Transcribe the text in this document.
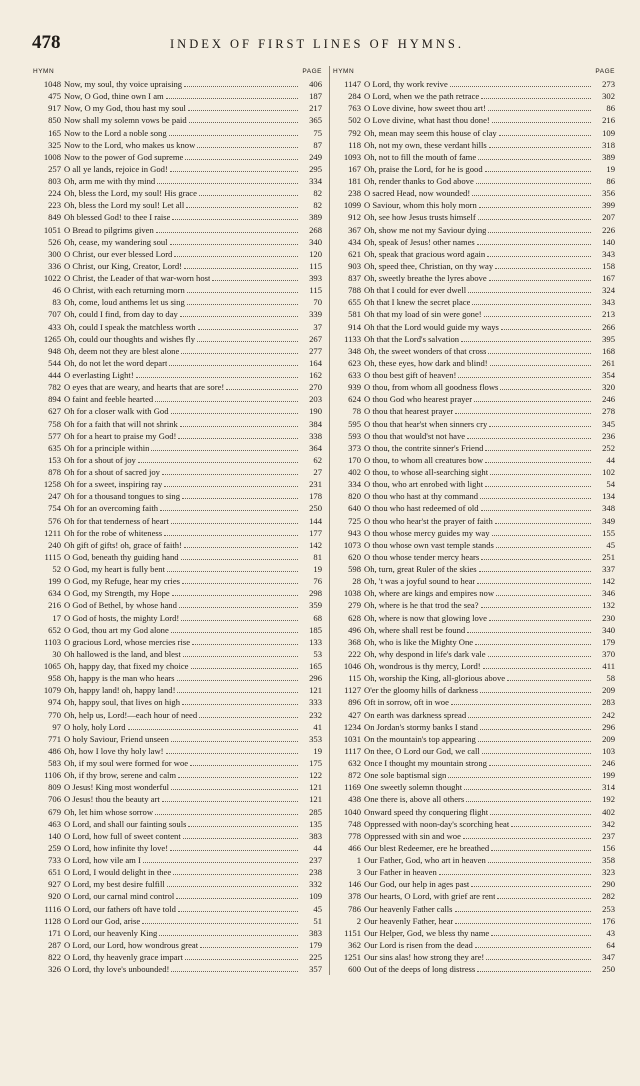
478	INDEX OF FIRST LINES OF HYMNS.
HYMN	PAGE
1048 Now, my soul, thy voice upraising	406
475 Now, O God, thine own I am	187
917 Now, O my God, thou hast my soul	217
850 Now shall my solemn vows be paid	365
165 Now to the Lord a noble song	75
325 Now to the Lord, who makes us know	87
1008 Now to the power of God supreme	249
257 O all ye lands, rejoice in God!	295
803 Oh, arm me with thy mind	334
224 Oh, bless the Lord, my soul! His grace	82
223 Oh, bless the Lord my soul! Let all	82
849 Oh blessed God! to thee I raise	389
1051 O Bread to pilgrims given	268
526 Oh, cease, my wandering soul	340
300 O Christ, our ever blessed Lord	120
336 O Christ, our King, Creator, Lord!	115
1022 O Christ, the Leader of that war-worn host	393
46 O Christ, with each returning morn	115
83 Oh, come, loud anthems let us sing	70
707 Oh, could I find, from day to day	339
433 Oh, could I speak the matchless worth	37
1265 Oh, could our thoughts and wishes fly	267
948 Oh, deem not they are blest alone	277
544 Oh, do not let the word depart	164
444 O everlasting Light!	162
782 O eyes that are weary, and hearts that are sore!	270
894 O faint and feeble hearted	203
627 Oh for a closer walk with God	190
758 Oh for a faith that will not shrink	384
577 Oh for a heart to praise my God!	338
635 Oh for a principle within	364
153 Oh for a shout of joy	62
878 Oh for a shout of sacred joy	27
1258 Oh for a sweet, inspiring ray	231
247 Oh for a thousand tongues to sing	178
754 Oh for an overcoming faith	250
576 Oh for that tenderness of heart	144
1211 Oh for the robe of whiteness	177
240 Oh gift of gifts! oh, grace of faith!	142
1115 O God, beneath thy guiding hand	81
52 O God, my heart is fully bent	19
199 O God, my Refuge, hear my cries	76
634 O God, my Strength, my Hope	298
216 O God of Bethel, by whose hand	359
17 O God of hosts, the mighty Lord!	68
652 O God, thou art my God alone	185
1103 O gracious Lord, whose mercies rise	133
30 Oh hallowed is the land, and blest	53
1065 Oh, happy day, that fixed my choice	165
958 Oh, happy is the man who hears	296
1079 Oh, happy land! oh, happy land!	121
974 Oh, happy soul, that lives on high	333
770 Oh, help us, Lord!—each hour of need	232
97 O holy, holy Lord	41
771 O holy Saviour, Friend unseen	353
486 Oh, how I love thy holy law!	19
583 Oh, if my soul were formed for woe	175
1106 Oh, if thy brow, serene and calm	122
809 O Jesus! King most wonderful	121
706 O Jesus! thou the beauty art	121
679 Oh, let him whose sorrow	285
463 O Lord, and shall our fainting souls	135
140 O Lord, how full of sweet content	383
259 O Lord, how infinite thy love!	44
733 O Lord, how vile am I	237
651 O Lord, I would delight in thee	238
927 O Lord, my best desire fulfill	332
920 O Lord, our carnal mind control	109
1116 O Lord, our fathers oft have told	45
1128 O Lord our God, arise	51
171 O Lord, our heavenly King	383
287 O Lord, our Lord, how wondrous great	179
822 O Lord, thy heavenly grace impart	225
326 O Lord, thy love's unbounded!	357
HYMN	PAGE
1147 O Lord, thy work revive	273
284 O Lord, when we the path retrace	302
763 O Love divine, how sweet thou art!	86
502 O Love divine, what hast thou done!	216
792 Oh, mean may seem this house of clay	109
118 Oh, not my own, these verdant hills	318
1093 Oh, not to fill the mouth of fame	389
167 Oh, praise the Lord, for he is good	19
181 Oh, render thanks to God above	86
238 O sacred Head, now wounded!	356
1099 O Saviour, whom this holy morn	399
912 Oh, see how Jesus trusts himself	207
367 Oh, show me not my Saviour dying	226
434 Oh, speak of Jesus! other names	140
621 Oh, speak that gracious word again	343
903 Oh, speed thee, Christian, on thy way	158
837 Oh, sweetly breathe the lyres above	167
788 Oh that I could for ever dwell	324
655 Oh that I knew the secret place	343
581 Oh that my load of sin were gone!	213
914 Oh that the Lord would guide my ways	266
1133 Oh that the Lord's salvation	395
348 Oh, the sweet wonders of that cross	168
623 Oh, these eyes, how dark and blind!	261
633 O thou best gift of heaven!	354
939 O thou, from whom all goodness flows	320
624 O thou God who hearest prayer	246
78 O thou that hearest prayer	278
595 O thou that hear'st when sinners cry	345
593 O thou that would'st not have	236
373 O thou, the contrite sinner's Friend	252
170 O thou, to whom all creatures bow	44
402 O thou, to whose all-searching sight	102
334 O thou, who art enrobed with light	54
820 O thou who hast at thy command	134
640 O thou who hast redeemed of old	348
725 O thou who hear'st the prayer of faith	349
943 O thou whose mercy guides my way	155
1073 O thou whose own vast temple stands	45
620 O thou whose tender mercy hears	251
598 Oh, turn, great Ruler of the skies	337
28 Oh, 't was a joyful sound to hear	142
1038 Oh, where are kings and empires now	346
279 Oh, where is he that trod the sea?	132
628 Oh, where is now that glowing love	230
496 Oh, where shall rest be found	340
368 Oh, who is like the Mighty One	179
222 Oh, why despond in life's dark vale	370
1046 Oh, wondrous is thy mercy, Lord!	411
115 Oh, worship the King, all-glorious above	58
1127 O'er the gloomy hills of darkness	209
896 Oft in sorrow, oft in woe	283
427 On earth was darkness spread	242
1234 On Jordan's stormy banks I stand	296
1031 On the mountain's top appearing	209
1117 On thee, O Lord our God, we call	103
632 Once I thought my mountain strong	246
872 One sole baptismal sign	199
1169 One sweetly solemn thought	314
438 One there is, above all others	192
1040 Onward speed thy conquering flight	402
748 Oppressed with noon-day's scorching heat	342
778 Oppressed with sin and woe	237
466 Our blest Redeemer, ere he breathed	156
1 Our Father, God, who art in heaven	358
3 Our Father in heaven	323
146 Our God, our help in ages past	290
378 Our hearts, O Lord, with grief are rent	282
786 Our heavenly Father calls	253
2 Our heavenly Father, hear	176
1151 Our Helper, God, we bless thy name	43
362 Our Lord is risen from the dead	64
1251 Our sins alas! how strong they are!	347
600 Out of the deeps of long distress	250
